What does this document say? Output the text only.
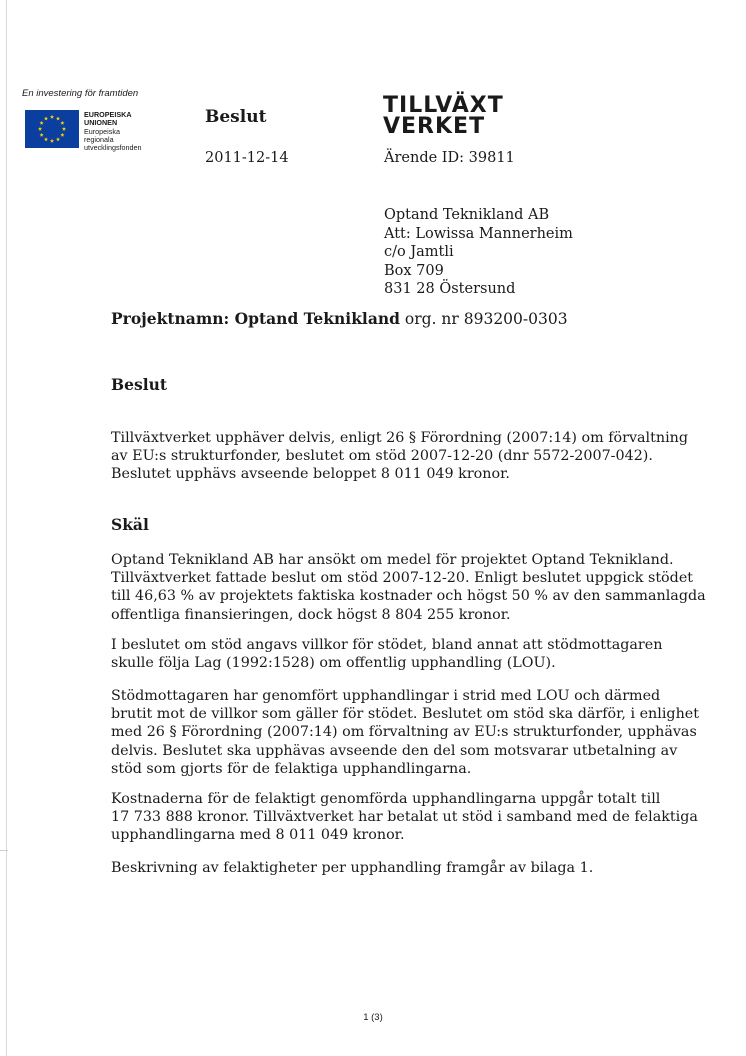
En investering för framtiden
EUROPEISKA
UNIONEN
Europeiska
regionala
utvecklingsfonden
Beslut
2011-12-14
TILLVÄXT
VERKET
Ärende ID: 39811
Optand Teknikland AB
Att: Lowissa Mannerheim
c/o Jamtli
Box 709
831 28 Östersund
Projektnamn: Optand Teknikland org. nr 893200-0303
Beslut
Tillväxtverket upphäver delvis, enligt 26 § Förordning (2007:14) om förvaltning
av EU:s strukturfonder, beslutet om stöd 2007-12-20 (dnr 5572-2007-042).
Beslutet upphävs avseende beloppet 8 011 049 kronor.
Skäl
Optand Teknikland AB har ansökt om medel för projektet Optand Teknikland.
Tillväxtverket fattade beslut om stöd 2007-12-20. Enligt beslutet uppgick stödet
till 46,63 % av projektets faktiska kostnader och högst 50 % av den sammanlagda
offentliga finansieringen, dock högst 8 804 255 kronor.
I beslutet om stöd angavs villkor för stödet, bland annat att stödmottagaren
skulle följa Lag (1992:1528) om offentlig upphandling (LOU).
Stödmottagaren har genomfört upphandlingar i strid med LOU och därmed
brutit mot de villkor som gäller för stödet. Beslutet om stöd ska därför, i enlighet
med 26 § Förordning (2007:14) om förvaltning av EU:s strukturfonder, upphävas
delvis. Beslutet ska upphävas avseende den del som motsvarar utbetalning av
stöd som gjorts för de felaktiga upphandlingarna.
Kostnaderna för de felaktigt genomförda upphandlingarna uppgår totalt till
17 733 888 kronor. Tillväxtverket har betalat ut stöd i samband med de felaktiga
upphandlingarna med 8 011 049 kronor.
Beskrivning av felaktigheter per upphandling framgår av bilaga 1.
1 (3)
